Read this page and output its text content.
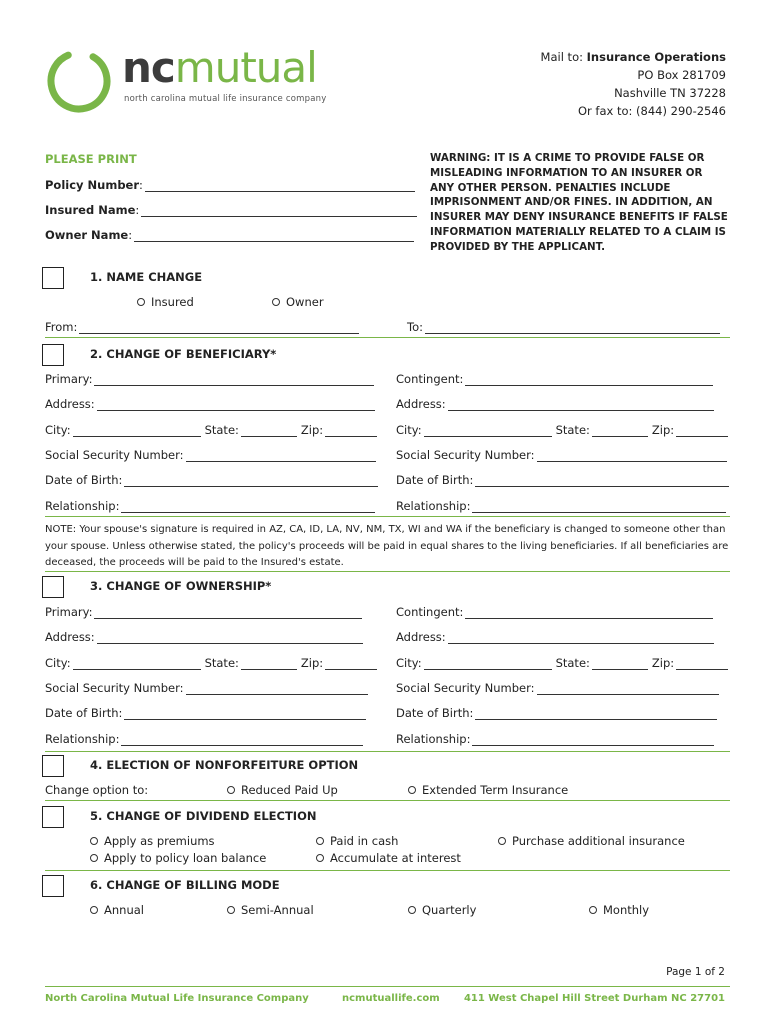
ncmutual
north carolina mutual life insurance company
Mail to: Insurance Operations
PO Box 281709
Nashville TN 37228
Or fax to: (844) 290-2546
PLEASE PRINT
Policy Number :
Insured Name :
Owner Name :
WARNING: IT IS A CRIME TO PROVIDE FALSE OR MISLEADING INFORMATION TO AN INSURER OR ANY OTHER PERSON. PENALTIES INCLUDE IMPRISONMENT AND/OR FINES. IN ADDITION, AN INSURER MAY DENY INSURANCE BENEFITS IF FALSE INFORMATION MATERIALLY RELATED TO A CLAIM IS PROVIDED BY THE APPLICANT.
1. NAME CHANGE
Insured	Owner
From:	To:
2. CHANGE OF BENEFICIARY*
Primary:	Contingent:
Address:	Address:
City:	State:	Zip:	City:	State:	Zip:
Social Security Number:	Social Security Number:
Date of Birth:	Date of Birth:
Relationship:	Relationship:
NOTE: Your spouse's signature is required in AZ, CA, ID, LA, NV, NM, TX, WI and WA if the beneficiary is changed to someone other than your spouse. Unless otherwise stated, the policy's proceeds will be paid in equal shares to the living beneficiaries. If all beneficiaries are deceased, the proceeds will be paid to the Insured's estate.
3. CHANGE OF OWNERSHIP*
Primary:	Contingent:
Address:	Address:
City:	State:	Zip:	City:	State:	Zip:
Social Security Number:	Social Security Number:
Date of Birth:	Date of Birth:
Relationship:	Relationship:
4. ELECTION OF NONFORFEITURE OPTION
Change option to:	Reduced Paid Up	Extended Term Insurance
5. CHANGE OF DIVIDEND ELECTION
Apply as premiums	Paid in cash	Purchase additional insurance
Apply to policy loan balance	Accumulate at interest
6. CHANGE OF BILLING MODE
Annual	Semi-Annual	Quarterly	Monthly
Page 1 of 2
North Carolina Mutual Life Insurance Company	ncmutuallife.com 411 West Chapel Hill Street Durham NC 27701
